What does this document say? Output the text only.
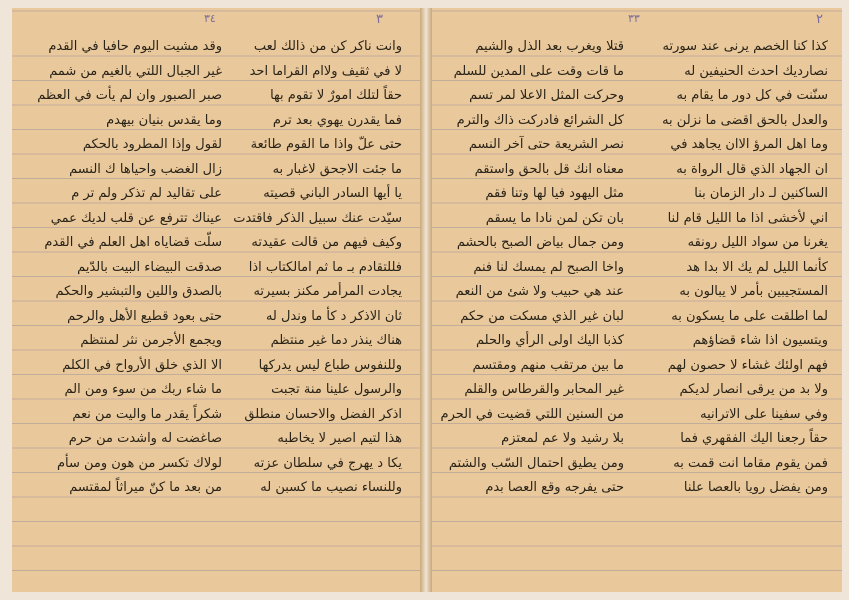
٣٤	٣
وانت ناكر كن من ذالك لعب
لا في ثقيف ولاام القراما احد
حقاً لتلك امورٌ لا تقوم بها
فما يقدرن يهوي بعد ترم
حتى علّ واذا ما القوم طائعة
ما جئت الاجحق لاغبار به
يا أيها السادر الباني قصيته
سيّدت عنك سبيل الذكر فاقتدت
وكيف فيهم من قالت عقيدته
فللتقادم بـ ما ثم امالكتاب اذا
يجادت المرأمر مكنز بسيرته
ثان الاذكر د كأ ما وندل له
هناك ينذر دما غير منتظم
وللنفوس طباع ليس يدركها
والرسول علينا منة تجبت
اذكر الفضل والاحسان منطلق
هذا لتيم اصير لا يخاطبه
يكا د يهرج في سلطان عزته
وللنساء نصيب ما كسبن له
وقد مشيت اليوم حافيا في القدم
غير الجبال اللتي بالغيم من شمم
صبر الصبور وان لم يأت في العظم
وما يقدس بنيان بيهدم
لقول وإذا المطرود بالحكم
زال الغضب واحياها ك النسم
على تقاليد لم تذكر ولم تر م
عيناك تترفع عن قلب لديك عمي
سلّت قضاياه اهل العلم في القدم
صدقت البيضاء البيت بالدّيم
بالصدق واللين والتبشير والحكم
حتى بعود قطيع الأهل والرحم
ويجمع الأجرمن نثر لمنتظم
الا الذي خلق الأرواح في الكلم
ما شاء ربك من سوء ومن الم
شكراً يقدر ما واليت من نعم
صاغضت له واشدت من حرم
لولاك تكسر من هون ومن سأم
من بعد ما كنّ ميراثاً لمقتسم
٣٣	٢
كذا كنا الخصم يرنى عند سورته
نصارديك احدث الحنيفين له
سنّنت في كل دور ما يقام به
والعدل بالحق اقضى ما نزلن به
وما اهل المرؤ الاان يجاهد في
ان الجهاد الذي قال الرواة به
الساكنين لـ دار الزمان بنا
اني لأخشى اذا ما الليل قام لنا
يغرنا من سواد الليل رونقه
كأنما الليل لم يك الا بدا هد
المستجيبين بأمر لا يبالون به
لما اطلقت على ما يسكون به
ويتسيون اذا شاء قضاؤهم
فهم اولئك غشاء لا حصون لهم
ولا بد من يرقى انصار لديكم
وفي سفينا على الاترانيه
حقاً رجعنا اليك الفقهري فما
فمن يقوم مقاما انت قمت به
ومن يفضل رويا بالعصا علنا
قتلا ويغرب بعد الذل والشيم
ما قات وقت على المدين للسلم
وحركت المثل الاعلا لمر تسم
كل الشرائع فادركت ذاك والترم
نصر الشريعة حتى آخر النسم
معناه انك قل بالحق واستقم
مثل اليهود فيا لها وتنا فقم
بان تكن لمن نادا ما يسقم
ومن جمال بياض الصبح بالحشم
واخا الصبح لم يمسك لنا فنم
عند هي حبيب ولا شئ من النعم
لبان غير الذي مسكت من حكم
كذبا اليك اولى الرأي والحلم
ما بين مرتقب منهم ومقتسم
غير المحابر والقرطاس والقلم
من السنين اللتي قضيت في الحرم
بلا رشيد ولا عم لمعتزم
ومن يطيق احتمال السّب والشتم
حتى يفرجه وقع العصا بدم
